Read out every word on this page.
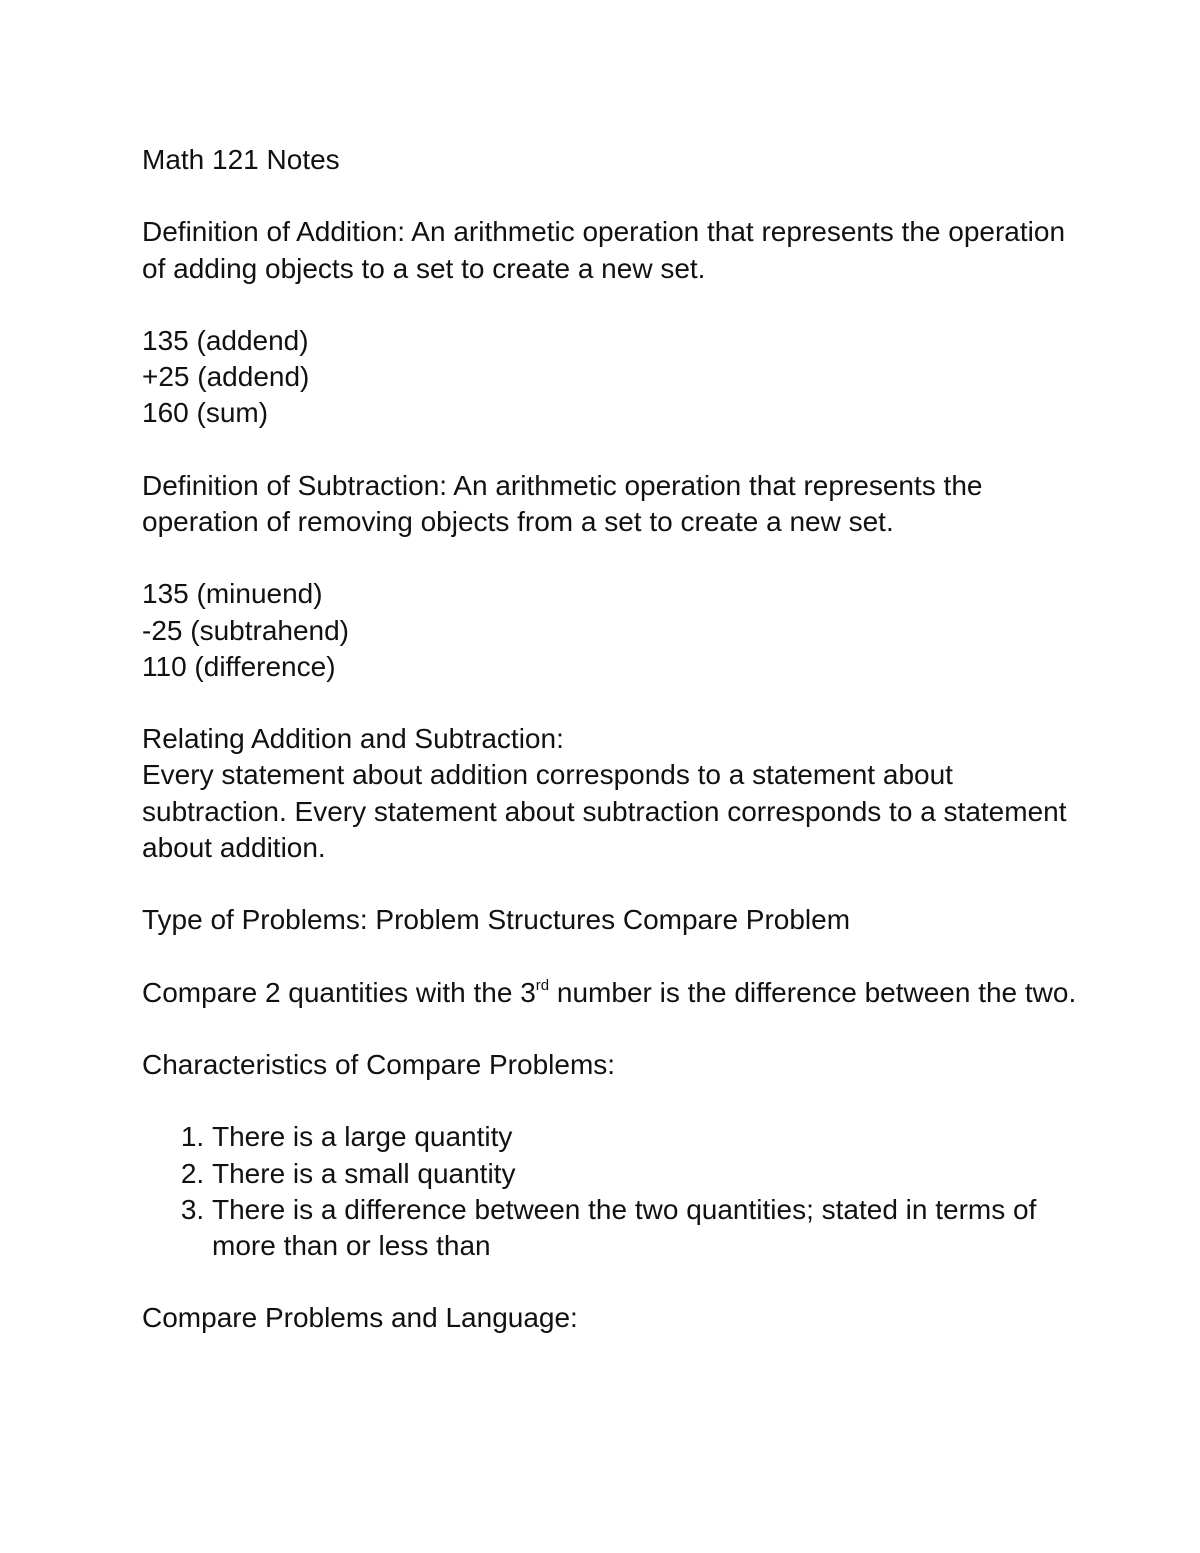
Math 121 Notes

Definition of Addition: An arithmetic operation that represents the operation of adding objects to a set to create a new set.

135 (addend)

+25 (addend)

160 (sum)

Definition of Subtraction: An arithmetic operation that represents the operation of removing objects from a set to create a new set.

135 (minuend)

-25 (subtrahend)

110 (difference)

Relating Addition and Subtraction:

Every statement about addition corresponds to a statement about subtraction. Every statement about subtraction corresponds to a statement about addition.

Type of Problems: Problem Structures Compare Problem

Compare 2 quantities with the 3rd number is the difference between the two.

Characteristics of Compare Problems:

1. There is a large quantity
2. There is a small quantity
3. There is a difference between the two quantities; stated in terms of more than or less than

Compare Problems and Language:
